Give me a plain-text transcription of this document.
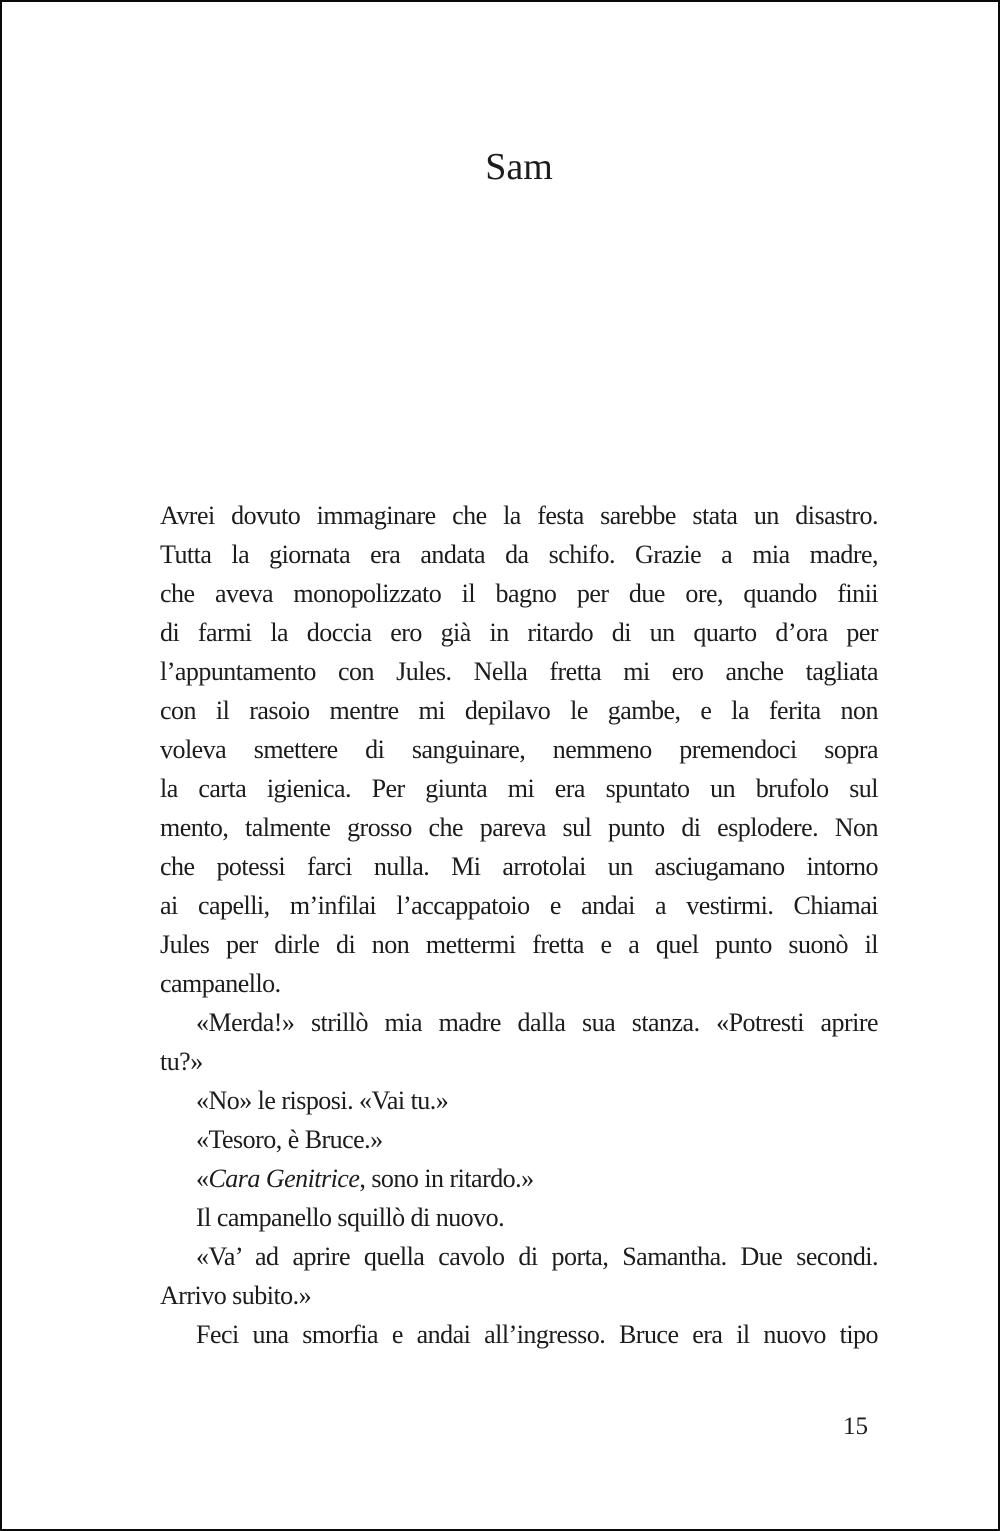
Sam
Avrei dovuto immaginare che la festa sarebbe stata un disastro.
Tutta la giornata era andata da schifo. Grazie a mia madre,
che aveva monopolizzato il bagno per due ore, quando finii
di farmi la doccia ero già in ritardo di un quarto d’ora per
l’appuntamento con Jules. Nella fretta mi ero anche tagliata
con il rasoio mentre mi depilavo le gambe, e la ferita non
voleva smettere di sanguinare, nemmeno premendoci sopra
la carta igienica. Per giunta mi era spuntato un brufolo sul
mento, talmente grosso che pareva sul punto di esplodere. Non
che potessi farci nulla. Mi arrotolai un asciugamano intorno
ai capelli, m’infilai l’accappatoio e andai a vestirmi. Chiamai
Jules per dirle di non mettermi fretta e a quel punto suonò il
campanello.
«Merda!» strillò mia madre dalla sua stanza. «Potresti aprire
tu?»
«No» le risposi. «Vai tu.»
«Tesoro, è Bruce.»
«Cara Genitrice, sono in ritardo.»
Il campanello squillò di nuovo.
«Va’ ad aprire quella cavolo di porta, Samantha. Due secondi.
Arrivo subito.»
Feci una smorfia e andai all’ingresso. Bruce era il nuovo tipo
15
